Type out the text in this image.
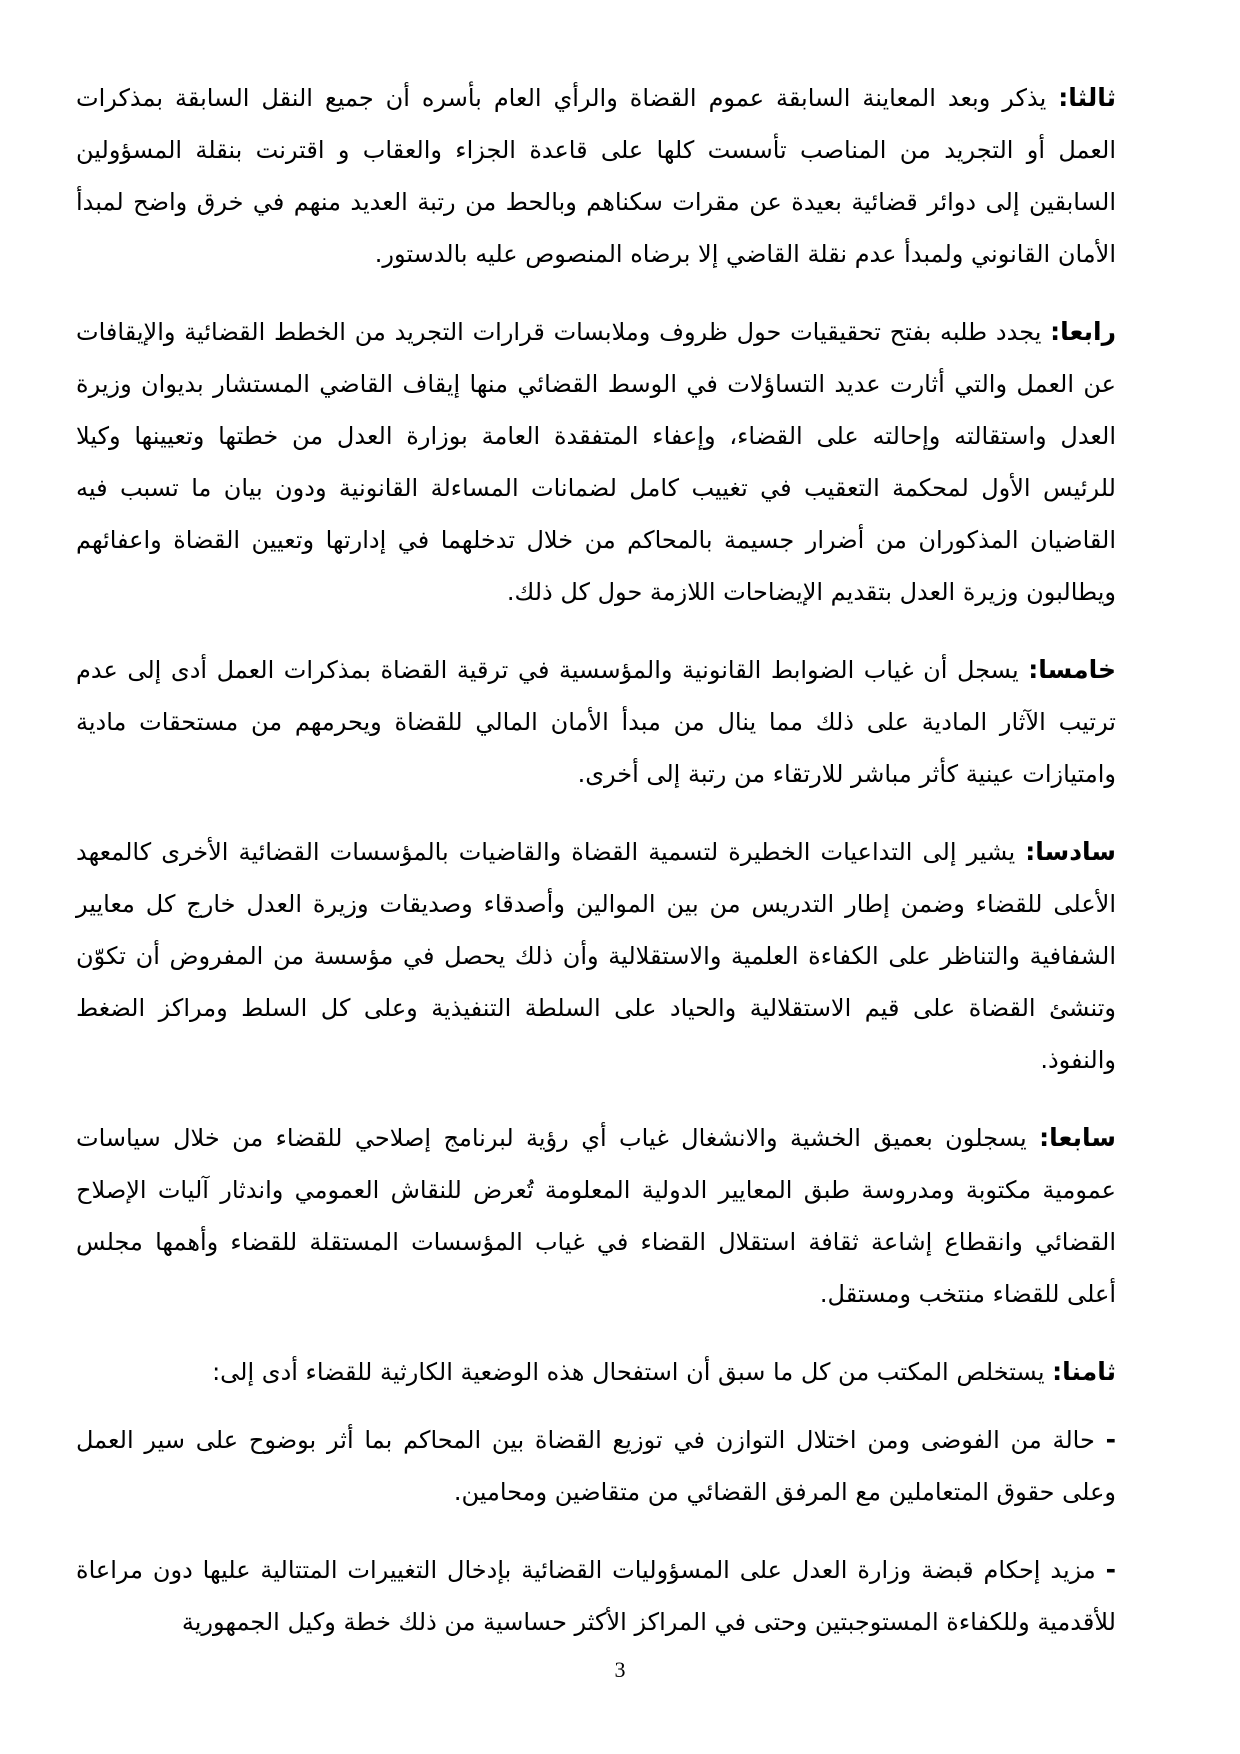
ثالثا: يذكر وبعد المعاينة السابقة عموم القضاة والرأي العام بأسره أن جميع النقل السابقة بمذكرات العمل أو التجريد من المناصب تأسست كلها على قاعدة الجزاء والعقاب و اقترنت بنقلة المسؤولين السابقين إلى دوائر قضائية بعيدة عن مقرات سكناهم وبالحط من رتبة العديد منهم في خرق واضح لمبدأ الأمان القانوني ولمبدأ عدم نقلة القاضي إلا برضاه المنصوص عليه بالدستور.

رابعا: يجدد طلبه بفتح تحقيقيات حول ظروف وملابسات قرارات التجريد من الخطط القضائية والإيقافات عن العمل والتي أثارت عديد التساؤلات في الوسط القضائي منها إيقاف القاضي المستشار بديوان وزيرة العدل واستقالته وإحالته على القضاء، وإعفاء المتفقدة العامة بوزارة العدل من خطتها وتعيينها وكيلا للرئيس الأول لمحكمة التعقيب في تغييب كامل لضمانات المساءلة القانونية ودون بيان ما تسبب فيه القاضيان المذكوران من أضرار جسيمة بالمحاكم من خلال تدخلهما في إدارتها وتعيين القضاة واعفائهم ويطالبون وزيرة العدل بتقديم الإيضاحات اللازمة حول كل ذلك.

خامسا: يسجل أن غياب الضوابط القانونية والمؤسسية في ترقية القضاة بمذكرات العمل أدى إلى عدم ترتيب الآثار المادية على ذلك مما ينال من مبدأ الأمان المالي للقضاة ويحرمهم من مستحقات مادية وامتيازات عينية كأثر مباشر للارتقاء من رتبة إلى أخرى.

سادسا: يشير إلى التداعيات الخطيرة لتسمية القضاة والقاضيات بالمؤسسات القضائية الأخرى كالمعهد الأعلى للقضاء وضمن إطار التدريس من بين الموالين وأصدقاء وصديقات وزيرة العدل خارج كل معايير الشفافية والتناظر على الكفاءة العلمية والاستقلالية وأن ذلك يحصل في مؤسسة من المفروض أن تكوّن وتنشئ القضاة على قيم الاستقلالية والحياد على السلطة التنفيذية وعلى كل السلط ومراكز الضغط والنفوذ.

سابعا: يسجلون بعميق الخشية والانشغال غياب أي رؤية لبرنامج إصلاحي للقضاء من خلال سياسات عمومية مكتوبة ومدروسة طبق المعايير الدولية المعلومة تُعرض للنقاش العمومي واندثار آليات الإصلاح القضائي وانقطاع إشاعة ثقافة استقلال القضاء في غياب المؤسسات المستقلة للقضاء وأهمها مجلس أعلى للقضاء منتخب ومستقل.

ثامنا: يستخلص المكتب من كل ما سبق أن استفحال هذه الوضعية الكارثية للقضاء أدى إلى:

- حالة من الفوضى ومن اختلال التوازن في توزيع القضاة بين المحاكم بما أثر بوضوح على سير العمل وعلى حقوق المتعاملين مع المرفق القضائي من متقاضين ومحامين.

- مزيد إحكام قبضة وزارة العدل على المسؤوليات القضائية بإدخال التغييرات المتتالية عليها دون مراعاة للأقدمية وللكفاءة المستوجبتين وحتى في المراكز الأكثر حساسية من ذلك خطة وكيل الجمهورية

3
